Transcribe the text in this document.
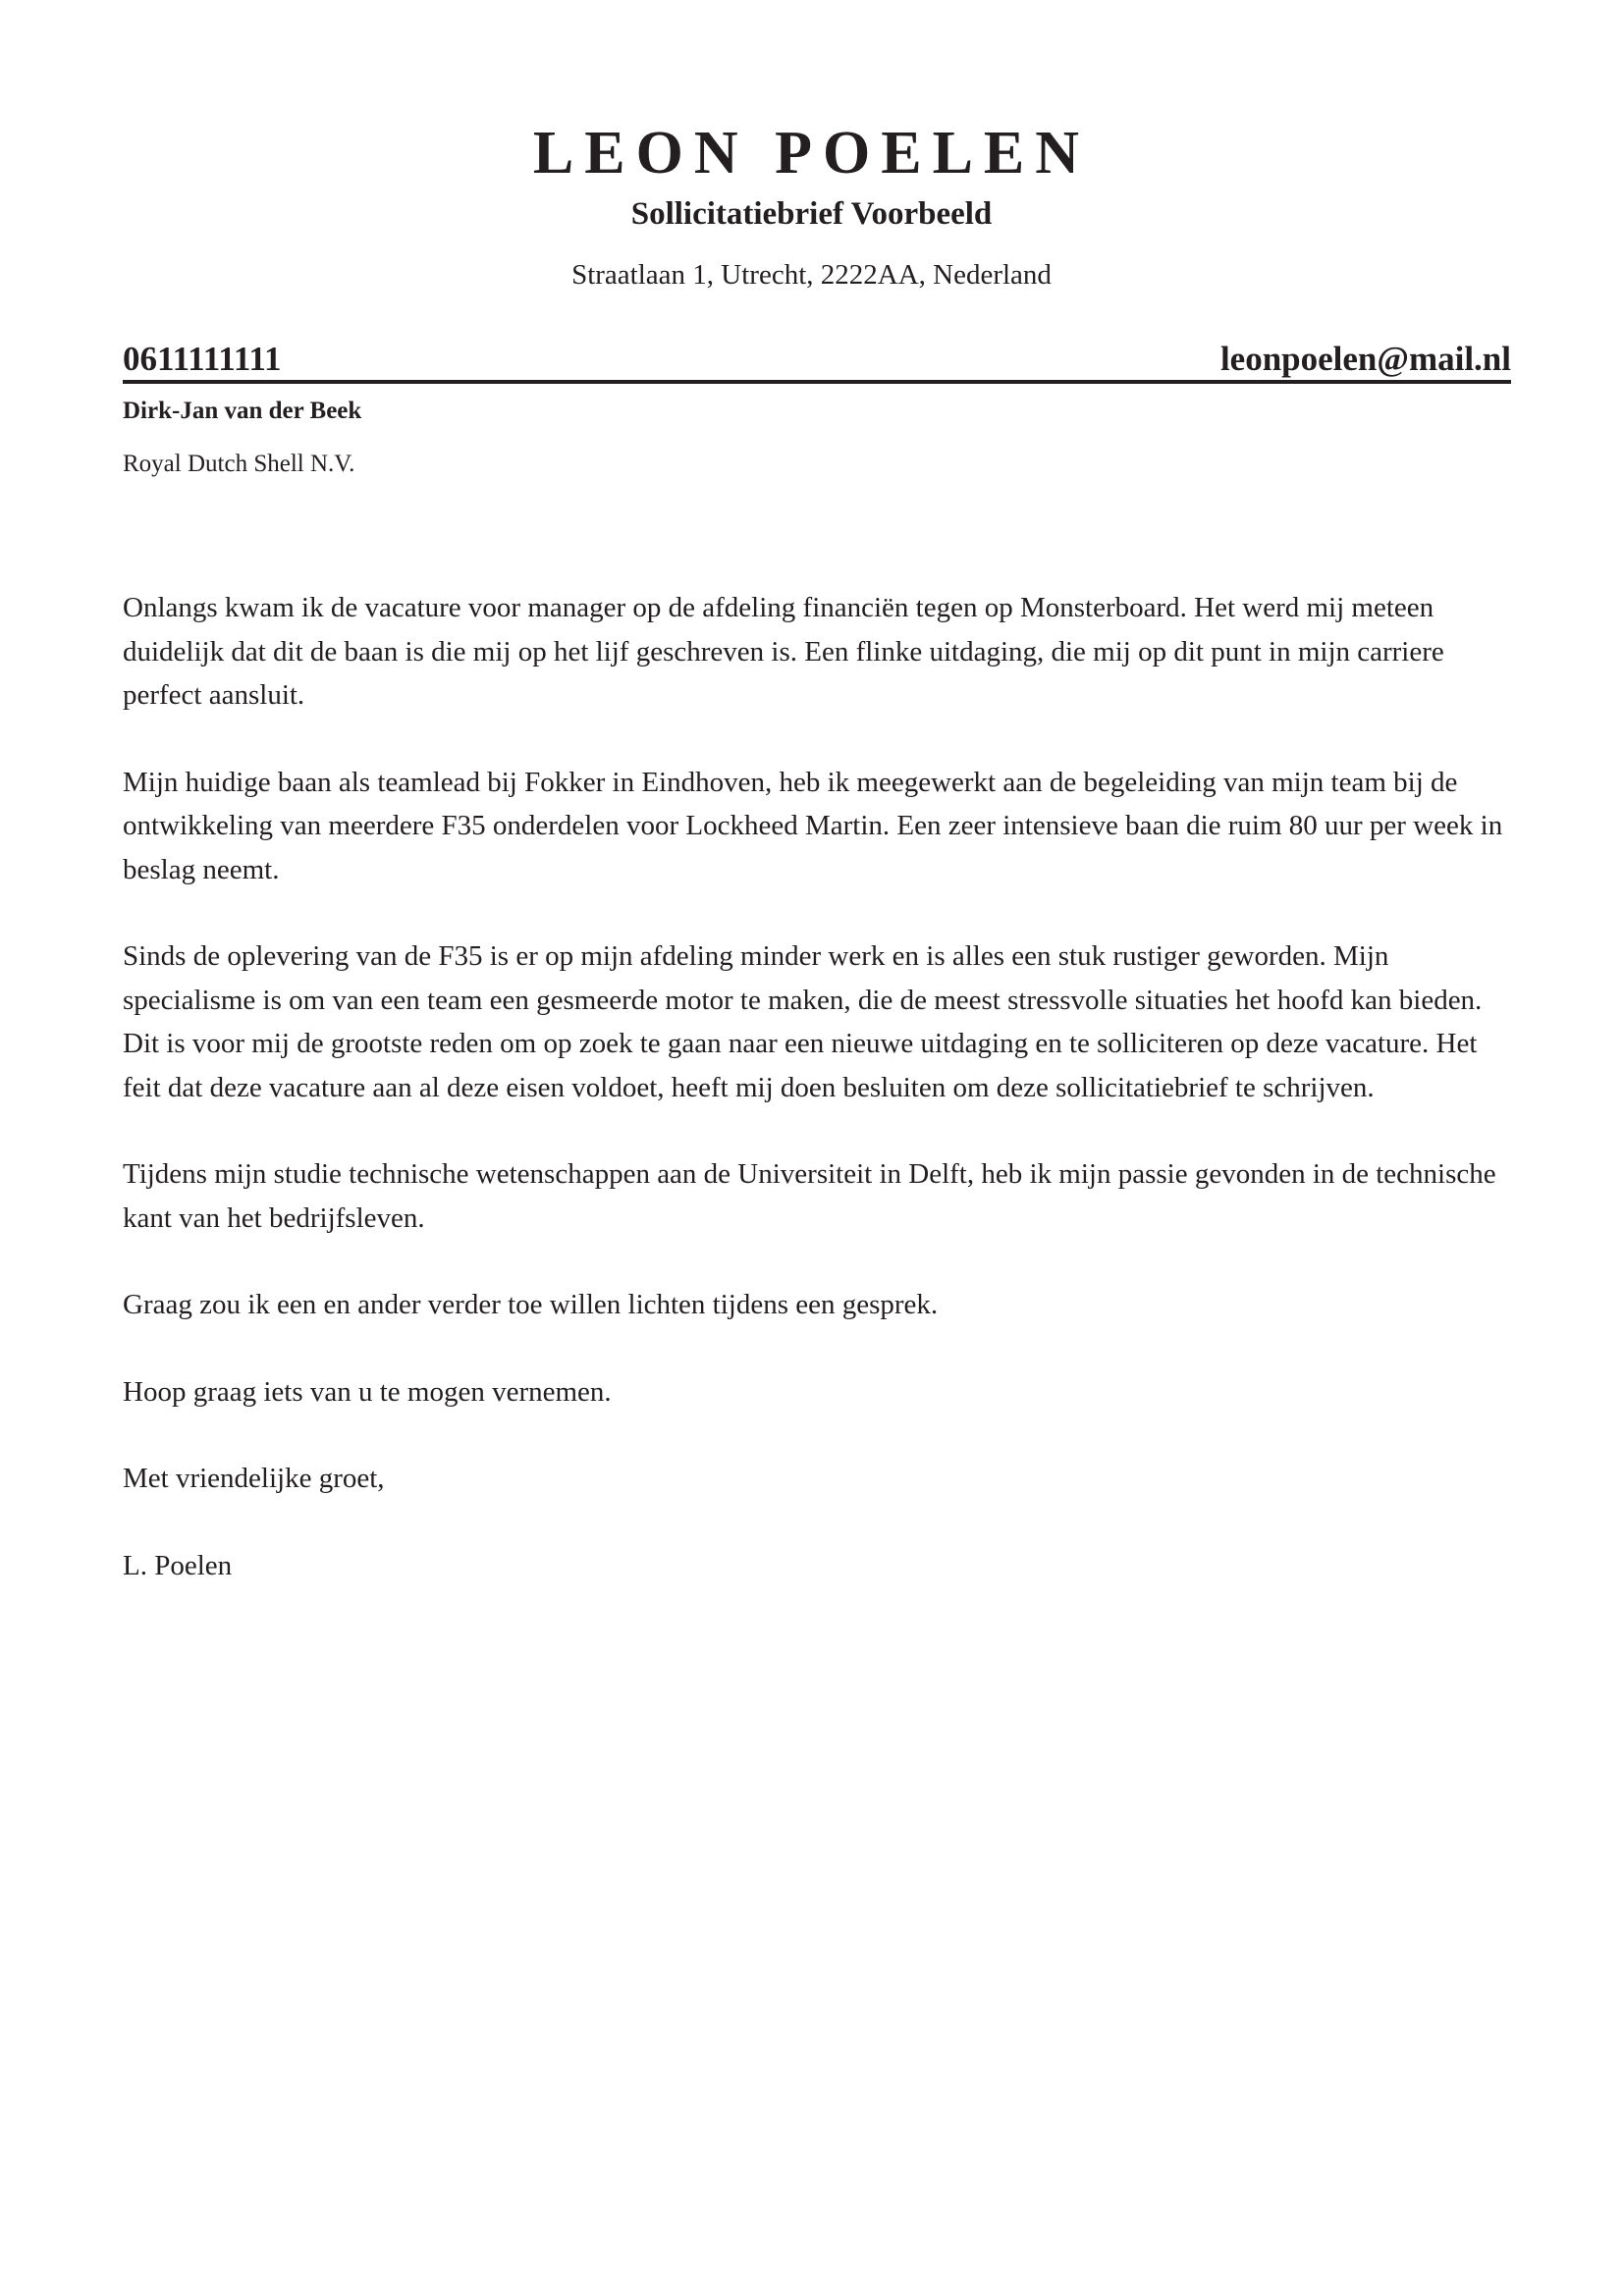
LEON POELEN
Sollicitatiebrief Voorbeeld
Straatlaan 1, Utrecht, 2222AA, Nederland
0611111111	leonpoelen@mail.nl
Dirk-Jan van der Beek
Royal Dutch Shell N.V.

Onlangs kwam ik de vacature voor manager op de afdeling financiën tegen op Monsterboard. Het werd mij meteen duidelijk dat dit de baan is die mij op het lijf geschreven is. Een flinke uitdaging, die mij op dit punt in mijn carriere perfect aansluit.

Mijn huidige baan als teamlead bij Fokker in Eindhoven, heb ik meegewerkt aan de begeleiding van mijn team bij de ontwikkeling van meerdere F35 onderdelen voor Lockheed Martin. Een zeer intensieve baan die ruim 80 uur per week in beslag neemt.

Sinds de oplevering van de F35 is er op mijn afdeling minder werk en is alles een stuk rustiger geworden. Mijn specialisme is om van een team een gesmeerde motor te maken, die de meest stressvolle situaties het hoofd kan bieden. Dit is voor mij de grootste reden om op zoek te gaan naar een nieuwe uitdaging en te solliciteren op deze vacature. Het feit dat deze vacature aan al deze eisen voldoet, heeft mij doen besluiten om deze sollicitatiebrief te schrijven.

Tijdens mijn studie technische wetenschappen aan de Universiteit in Delft, heb ik mijn passie gevonden in de technische kant van het bedrijfsleven.

Graag zou ik een en ander verder toe willen lichten tijdens een gesprek.

Hoop graag iets van u te mogen vernemen.

Met vriendelijke groet,

L. Poelen
